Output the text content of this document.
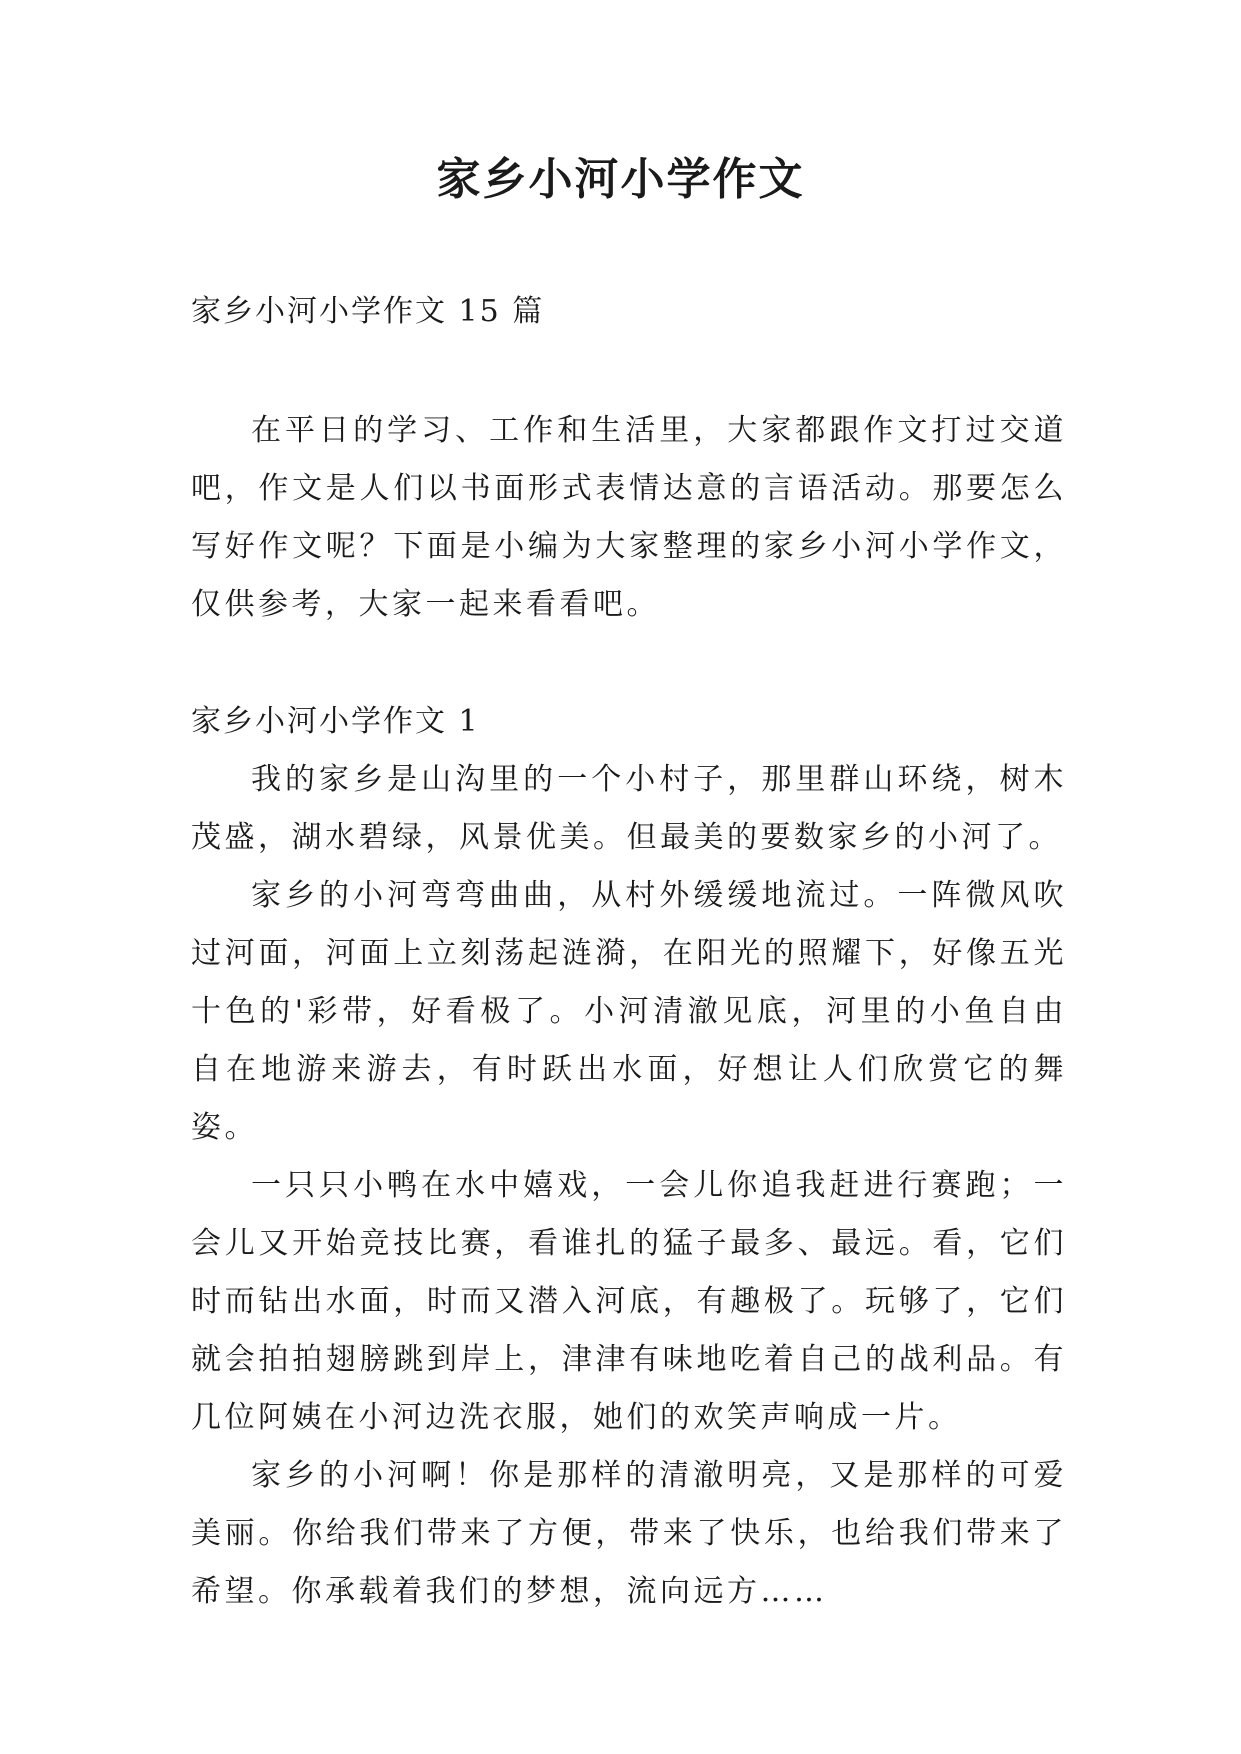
家乡小河小学作文

家乡小河小学作文 15 篇

在平日的学习、工作和生活里，大家都跟作文打过交道吧，作文是人们以书面形式表情达意的言语活动。那要怎么写好作文呢？下面是小编为大家整理的家乡小河小学作文，仅供参考，大家一起来看看吧。

家乡小河小学作文 1

我的家乡是山沟里的一个小村子，那里群山环绕，树木茂盛，湖水碧绿，风景优美。但最美的要数家乡的小河了。

家乡的小河弯弯曲曲，从村外缓缓地流过。一阵微风吹过河面，河面上立刻荡起涟漪，在阳光的照耀下，好像五光十色的'彩带，好看极了。小河清澈见底，河里的小鱼自由自在地游来游去，有时跃出水面，好想让人们欣赏它的舞姿。

一只只小鸭在水中嬉戏，一会儿你追我赶进行赛跑；一会儿又开始竞技比赛，看谁扎的猛子最多、最远。看，它们时而钻出水面，时而又潜入河底，有趣极了。玩够了，它们就会拍拍翅膀跳到岸上，津津有味地吃着自己的战利品。有几位阿姨在小河边洗衣服，她们的欢笑声响成一片。

家乡的小河啊！你是那样的清澈明亮，又是那样的可爱美丽。你给我们带来了方便，带来了快乐，也给我们带来了希望。你承载着我们的梦想，流向远方……
